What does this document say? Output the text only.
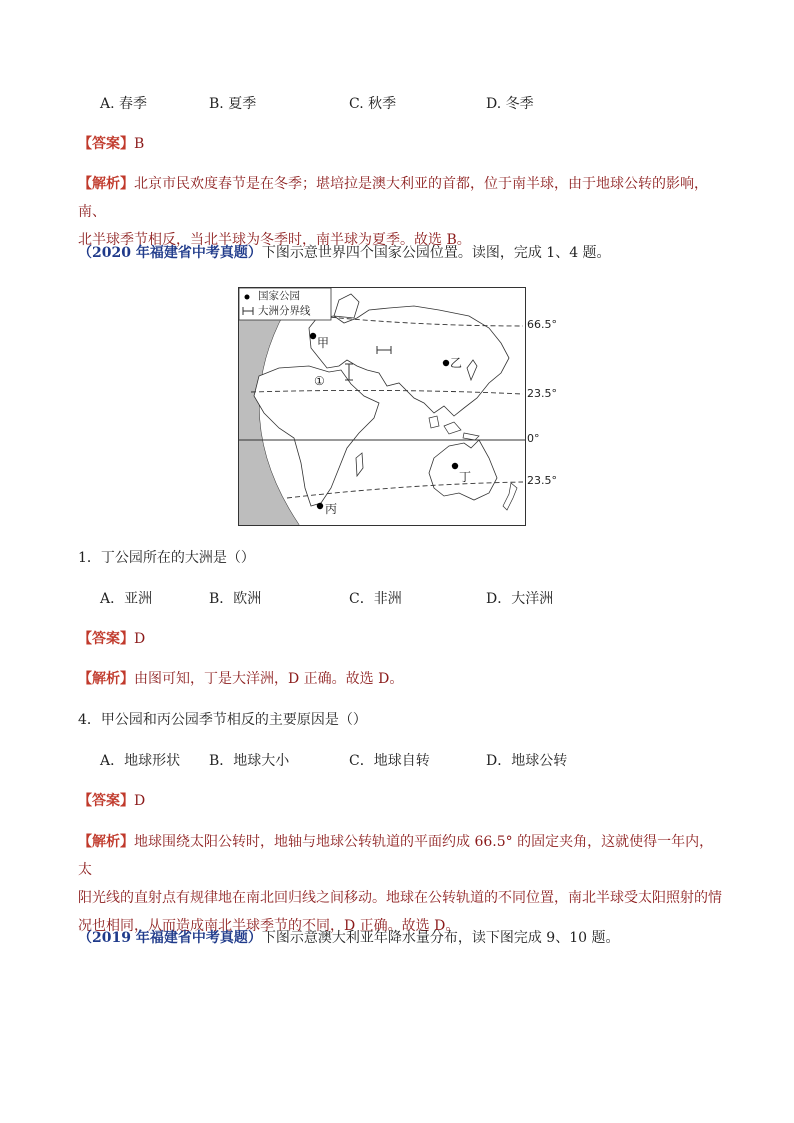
A. 春季	B. 夏季	C. 秋季	D. 冬季
【答案】B
【解析】北京市民欢度春节是在冬季；堪培拉是澳大利亚的首都，位于南半球，由于地球公转的影响，南、
北半球季节相反，当北半球为冬季时，南半球为夏季。故选 B。
（2020 年福建省中考真题）下图示意世界四个国家公园位置。读图，完成 1、4 题。
国家公园
大洲分界线
甲
乙
丙
丁
①
66.5°
23.5°
0°
23.5°
1．丁公园所在的大洲是（）
A．亚洲	B．欧洲	C．非洲	D．大洋洲
【答案】D
【解析】由图可知，丁是大洋洲，D 正确。故选 D。
4．甲公园和丙公园季节相反的主要原因是（）
A．地球形状 B．地球大小	C．地球自转	D．地球公转
【答案】D
【解析】地球围绕太阳公转时，地轴与地球公转轨道的平面约成 66.5° 的固定夹角，这就使得一年内，太
阳光线的直射点有规律地在南北回归线之间移动。地球在公转轨道的不同位置，南北半球受太阳照射的情
况也相同，从而造成南北半球季节的不同，D 正确。故选 D。
（2019 年福建省中考真题）下图示意澳大利亚年降水量分布，读下图完成 9、10 题。
